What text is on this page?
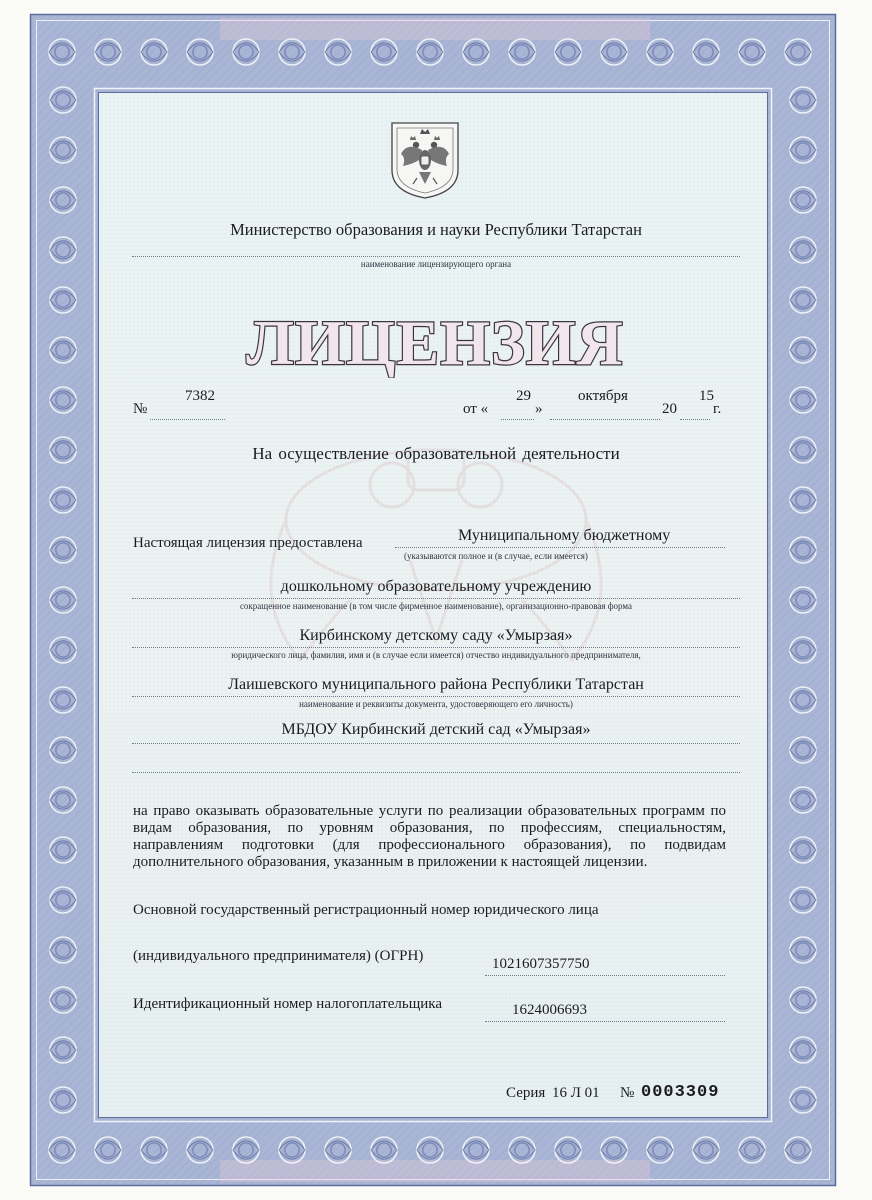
Министерство образования и науки Республики Татарстан
наименование лицензирующего органа
ЛИЦЕНЗИЯ
№
7382
от «
29
»
октября
20
15
г.
На осуществление образовательной деятельности
Настоящая лицензия предоставлена	Муниципальному бюджетному
(указываются полное и (в случае, если имеется)
дошкольному образовательному учреждению
сокращенное наименование (в том числе фирменное наименование), организационно-правовая форма
Кирбинскому детскому саду «Умырзая»
юридического лица, фамилия, имя и (в случае если имеется) отчество индивидуального предпринимателя,
Лаишевского муниципального района Республики Татарстан
наименование и реквизиты документа, удостоверяющего его личность)
МБДОУ Кирбинский детский сад «Умырзая»
на право оказывать образовательные услуги по реализации образовательных программ по видам образования, по уровням образования, по профессиям, специальностям, направлениям подготовки (для профессионального образования), по подвидам дополнительного образования, указанным в приложении к настоящей лицензии.
Основной государственный регистрационный номер юридического лица
(индивидуального предпринимателя) (ОГРН)	1021607357750
Идентификационный номер налогоплательщика	1624006693
Серия 16 Л 01 № 0003309
